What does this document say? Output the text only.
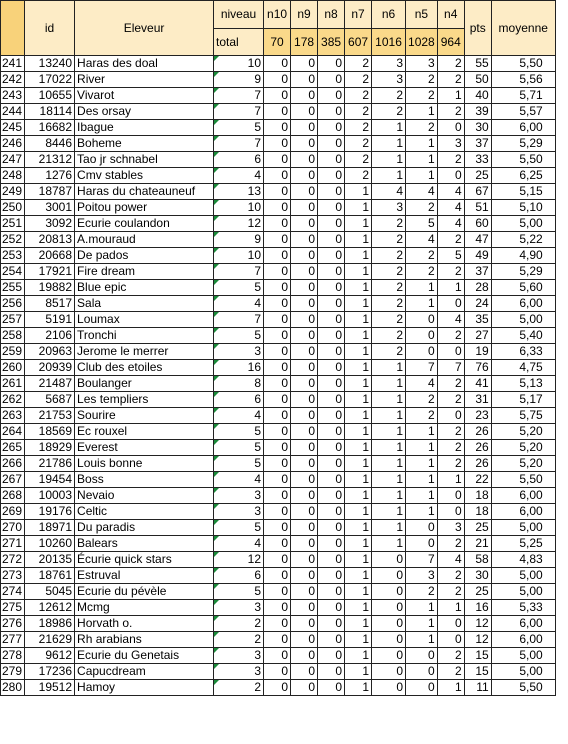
	id	Eleveur	niveau	n10	n9	n8	n7	n6	n5	n4	pts	moyenne
			total	70	178	385	607	1016	1028	964		
241	13240	Haras des doal	10	0	0	0	2	3	3	2	55	5,50
242	17022	River	9	0	0	0	2	3	2	2	50	5,56
243	10655	Vivarot	7	0	0	0	2	2	2	1	40	5,71
244	18114	Des orsay	7	0	0	0	2	2	1	2	39	5,57
245	16682	Ibague	5	0	0	0	2	1	2	0	30	6,00
246	8446	Boheme	7	0	0	0	2	1	1	3	37	5,29
247	21312	Tao jr schnabel	6	0	0	0	2	1	1	2	33	5,50
248	1276	Cmv stables	4	0	0	0	2	1	1	0	25	6,25
249	18787	Haras du chateauneuf	13	0	0	0	1	4	4	4	67	5,15
250	3001	Poitou power	10	0	0	0	1	3	2	4	51	5,10
251	3092	Ecurie coulandon	12	0	0	0	1	2	5	4	60	5,00
252	20813	A.mouraud	9	0	0	0	1	2	4	2	47	5,22
253	20668	De pados	10	0	0	0	1	2	2	5	49	4,90
254	17921	Fire dream	7	0	0	0	1	2	2	2	37	5,29
255	19882	Blue epic	5	0	0	0	1	2	1	1	28	5,60
256	8517	Sala	4	0	0	0	1	2	1	0	24	6,00
257	5191	Loumax	7	0	0	0	1	2	0	4	35	5,00
258	2106	Tronchi	5	0	0	0	1	2	0	2	27	5,40
259	20963	Jerome le merrer	3	0	0	0	1	2	0	0	19	6,33
260	20939	Club des etoiles	16	0	0	0	1	1	7	7	76	4,75
261	21487	Boulanger	8	0	0	0	1	1	4	2	41	5,13
262	5687	Les templiers	6	0	0	0	1	1	2	2	31	5,17
263	21753	Sourire	4	0	0	0	1	1	2	0	23	5,75
264	18569	Ec rouxel	5	0	0	0	1	1	1	2	26	5,20
265	18929	Everest	5	0	0	0	1	1	1	2	26	5,20
266	21786	Louis bonne	5	0	0	0	1	1	1	2	26	5,20
267	19454	Boss	4	0	0	0	1	1	1	1	22	5,50
268	10003	Nevaio	3	0	0	0	1	1	1	0	18	6,00
269	19176	Celtic	3	0	0	0	1	1	1	0	18	6,00
270	18971	Du paradis	5	0	0	0	1	1	0	3	25	5,00
271	10260	Balears	4	0	0	0	1	1	0	2	21	5,25
272	20135	Écurie quick stars	12	0	0	0	1	0	7	4	58	4,83
273	18761	Estruval	6	0	0	0	1	0	3	2	30	5,00
274	5045	Ecurie du pévèle	5	0	0	0	1	0	2	2	25	5,00
275	12612	Mcmg	3	0	0	0	1	0	1	1	16	5,33
276	18986	Horvath o.	2	0	0	0	1	0	1	0	12	6,00
277	21629	Rh arabians	2	0	0	0	1	0	1	0	12	6,00
278	9612	Ecurie du Genetais	3	0	0	0	1	0	0	2	15	5,00
279	17236	Capucdream	3	0	0	0	1	0	0	2	15	5,00
280	19512	Hamoy	2	0	0	0	1	0	0	1	11	5,50
